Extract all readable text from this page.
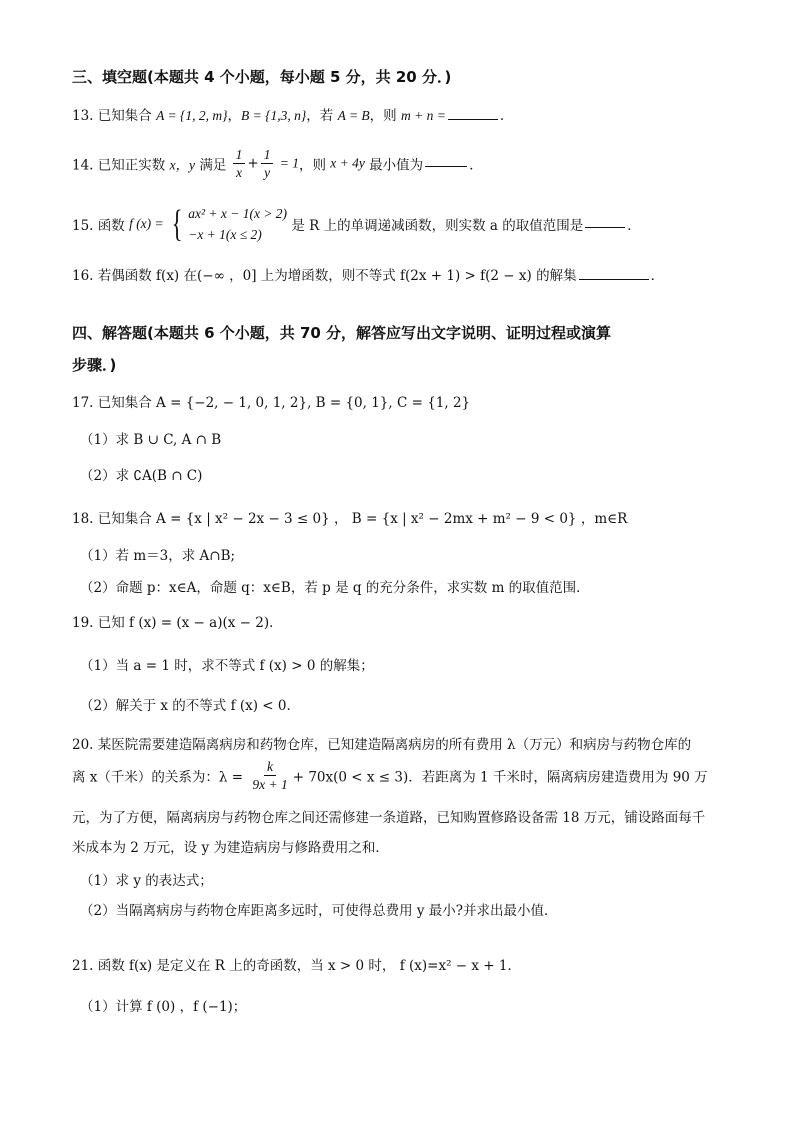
三、填空题(本题共 4 个小题，每小题 5 分，共 20 分．)
13. 已知集合 A = {1, 2, m}，B = {1,3, n}，若 A = B，则 m + n =	．
14. 已知正实数 x，y 满足 $\frac{1}{x} + \frac{1}{y} = 1$，则 x + 4y 最小值为	．
15. 函数 f (x) = { ax² + x − 1(x > 2)
−x + 1(x ≤ 2)
是 R 上的单调递减函数，则实数 a 的取值范围是	．
16. 若偶函数 f(x) 在(−∞ ，0] 上为增函数，则不等式 f(2x + 1) > f(2 − x) 的解集	．
四、解答题(本题共 6 个小题，共 70 分，解答应写出文字说明、证明过程或演算
步骤．)
17. 已知集合 A = {−2, − 1, 0, 1, 2}, B = {0, 1}, C = {1, 2}
（1）求 B ∪ C, A ∩ B
（2）求 ∁A(B ∩ C)
18. 已知集合 A = {x | x² − 2x − 3 ≤ 0} ， B = {x | x² − 2mx + m² − 9 < 0} ，m∈R
（1）若 m＝3，求 A∩B;
（2）命题 p：x∈A，命题 q：x∈B，若 p 是 q 的充分条件，求实数 m 的取值范围．
19. 已知 f (x) = (x − a)(x − 2)．
（1）当 a = 1 时，求不等式 f (x) > 0 的解集；
（2）解关于 x 的不等式 f (x) < 0．
20. 某医院需要建造隔离病房和药物仓库，已知建造隔离病房的所有费用 λ（万元）和病房与药物仓库的
离 x（千米）的关系为：$\lambda = \frac{k}{9x + 1} + 70x(0 < x \le 3)$．若距离为 1 千米时，隔离病房建造费用为 90 万
元，为了方便，隔离病房与药物仓库之间还需修建一条道路，已知购置修路设备需 18 万元，铺设路面每千
米成本为 2 万元，设 y 为建造病房与修路费用之和．
（1）求 y 的表达式；
（2）当隔离病房与药物仓库距离多远时，可使得总费用 y 最小?并求出最小值．
21. 函数 f(x) 是定义在 R 上的奇函数，当 x > 0 时， f (x)=x² − x + 1．
（1）计算 f (0) ，f (−1)；
